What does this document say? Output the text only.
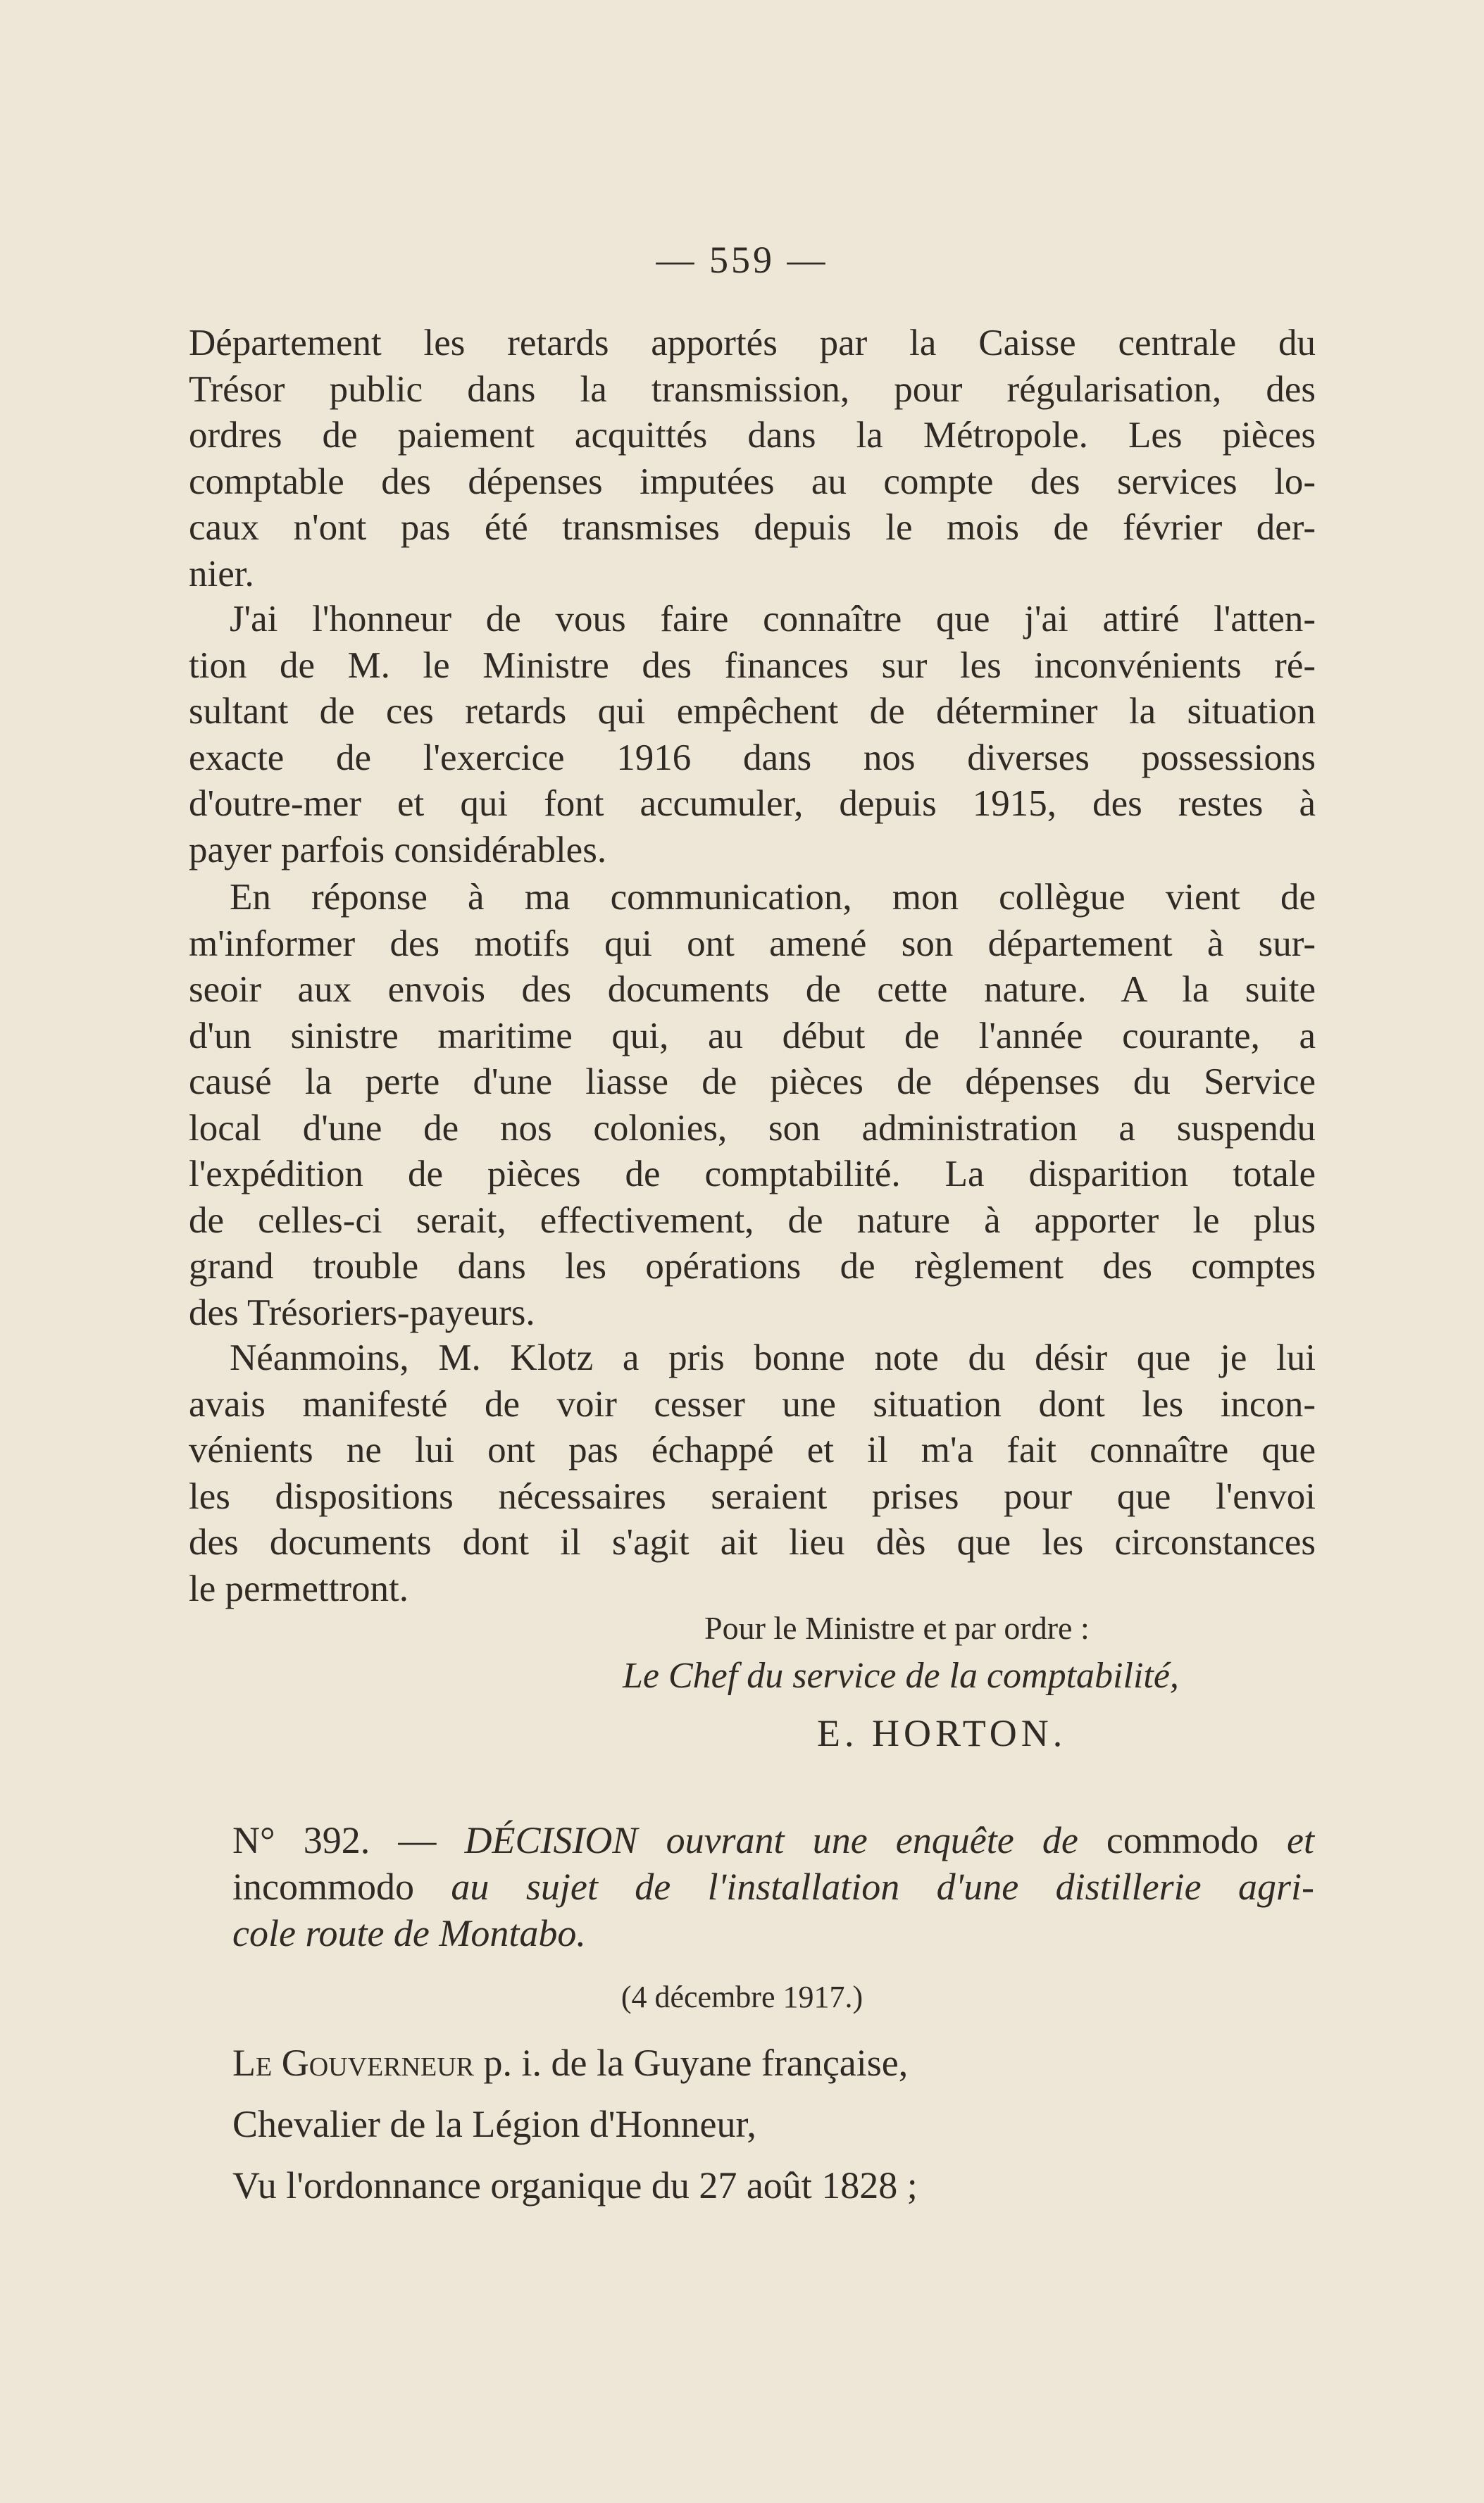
— 559 —

Département les retards apportés par la Caisse centrale du

Trésor public dans la transmission, pour régularisation, des

ordres de paiement acquittés dans la Métropole. Les pièces

comptable des dépenses imputées au compte des services lo-

caux n'ont pas été transmises depuis le mois de février der-

nier.

J'ai l'honneur de vous faire connaître que j'ai attiré l'atten-

tion de M. le Ministre des finances sur les inconvénients ré-

sultant de ces retards qui empêchent de déterminer la situation

exacte de l'exercice 1916 dans nos diverses possessions

d'outre-mer et qui font accumuler, depuis 1915, des restes à

payer parfois considérables.

En réponse à ma communication, mon collègue vient de

m'informer des motifs qui ont amené son département à sur-

seoir aux envois des documents de cette nature. A la suite

d'un sinistre maritime qui, au début de l'année courante, a

causé la perte d'une liasse de pièces de dépenses du Service

local d'une de nos colonies, son administration a suspendu

l'expédition de pièces de comptabilité. La disparition totale

de celles-ci serait, effectivement, de nature à apporter le plus

grand trouble dans les opérations de règlement des comptes

des Trésoriers-payeurs.

Néanmoins, M. Klotz a pris bonne note du désir que je lui

avais manifesté de voir cesser une situation dont les incon-

vénients ne lui ont pas échappé et il m'a fait connaître que

les dispositions nécessaires seraient prises pour que l'envoi

des documents dont il s'agit ait lieu dès que les circonstances

le permettront.

Pour le Ministre et par ordre :
Le Chef du service de la comptabilité,
E. HORTON.

N° 392. — DÉCISION ouvrant une enquête de commodo et

incommodo au sujet de l'installation d'une distillerie agri-

cole route de Montabo.

(4 décembre 1917.)
Le Gouverneur p. i. de la Guyane française,
Chevalier de la Légion d'Honneur,
Vu l'ordonnance organique du 27 août 1828 ;
